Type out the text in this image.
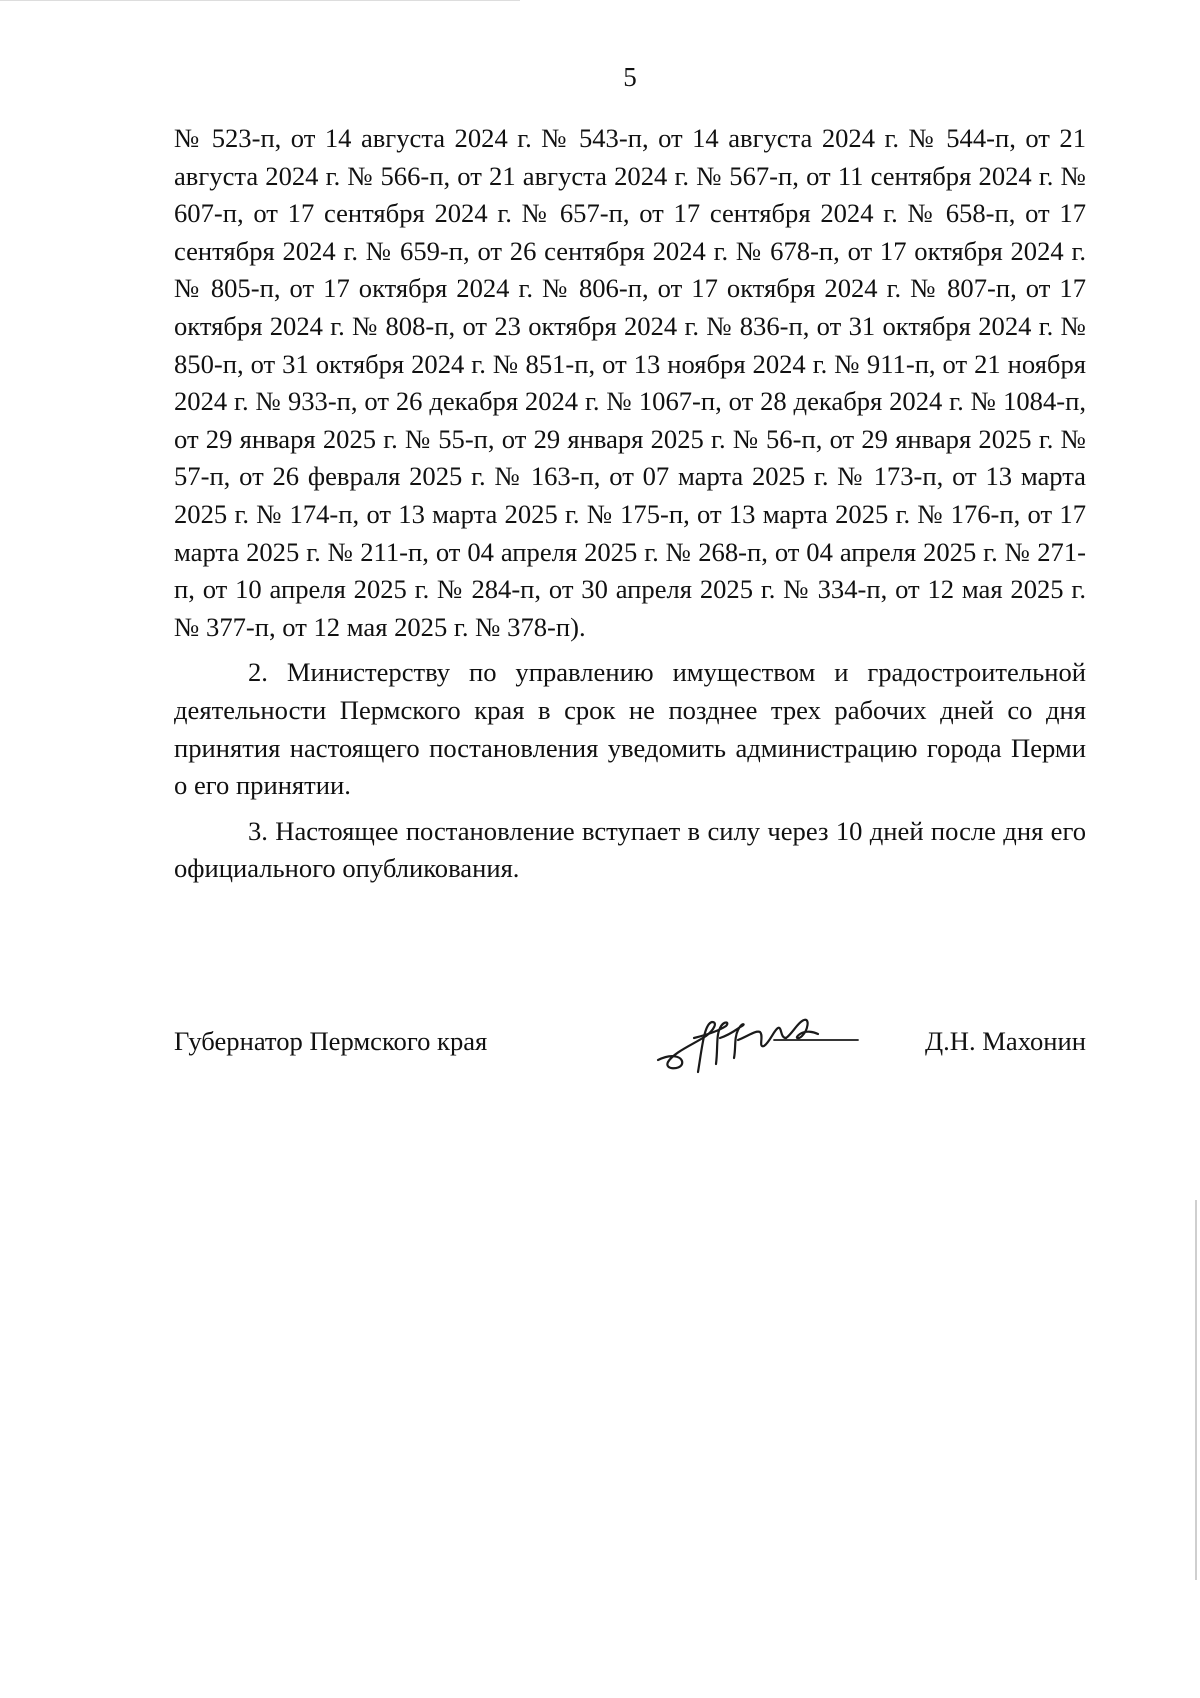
5

№ 523-п, от 14 августа 2024 г. № 543-п, от 14 августа 2024 г. № 544-п, от 21 августа 2024 г. № 566-п, от 21 августа 2024 г. № 567-п, от 11 сентября 2024 г. № 607-п, от 17 сентября 2024 г. № 657-п, от 17 сентября 2024 г. № 658-п, от 17 сентября 2024 г. № 659-п, от 26 сентября 2024 г. № 678-п, от 17 октября 2024 г. № 805-п, от 17 октября 2024 г. № 806-п, от 17 октября 2024 г. № 807-п, от 17 октября 2024 г. № 808-п, от 23 октября 2024 г. № 836-п, от 31 октября 2024 г. № 850-п, от 31 октября 2024 г. № 851-п, от 13 ноября 2024 г. № 911-п, от 21 ноября 2024 г. № 933-п, от 26 декабря 2024 г. № 1067-п, от 28 декабря 2024 г. № 1084-п, от 29 января 2025 г. № 55-п, от 29 января 2025 г. № 56-п, от 29 января 2025 г. № 57-п, от 26 февраля 2025 г. № 163-п, от 07 марта 2025 г. № 173-п, от 13 марта 2025 г. № 174-п, от 13 марта 2025 г. № 175-п, от 13 марта 2025 г. № 176-п, от 17 марта 2025 г. № 211-п, от 04 апреля 2025 г. № 268-п, от 04 апреля 2025 г. № 271-п, от 10 апреля 2025 г. № 284-п, от 30 апреля 2025 г. № 334-п, от 12 мая 2025 г. № 377-п, от 12 мая 2025 г. № 378-п).

2. Министерству по управлению имуществом и градостроительной деятельности Пермского края в срок не позднее трех рабочих дней со дня принятия настоящего постановления уведомить администрацию города Перми о его принятии.

3. Настоящее постановление вступает в силу через 10 дней после дня его официального опубликования.

Губернатор Пермского края	Д.Н. Махонин
